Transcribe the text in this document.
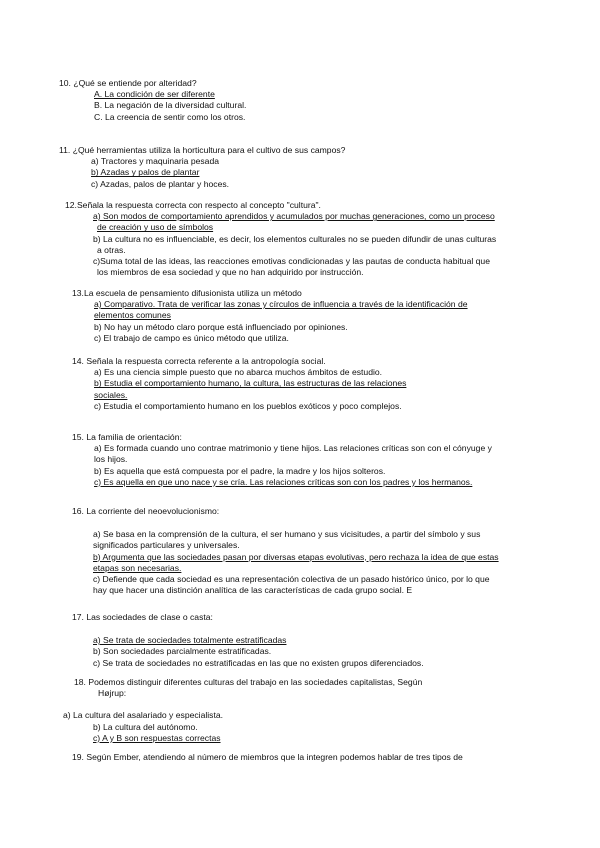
10. ¿Qué se entiende por alteridad?
A. La condición de ser diferente
B. La negación de la diversidad cultural.
C. La creencia de sentir como los otros.
11. ¿Qué herramientas utiliza la horticultura para el cultivo de sus campos?
a) Tractores y maquinaria pesada
b) Azadas y palos de plantar
c) Azadas, palos de plantar y hoces.
12.Señala la respuesta correcta con respecto al concepto "cultura".
a) Son modos de comportamiento aprendidos y acumulados por muchas generaciones, como un proceso
de creación y uso de símbolos
b) La cultura no es influenciable, es decir, los elementos culturales no se pueden difundir de unas culturas
a otras.
c)Suma total de las ideas, las reacciones emotivas condicionadas y las pautas de conducta habitual que
los miembros de esa sociedad y que no han adquirido por instrucción.
13.La escuela de pensamiento difusionista utiliza un método
a) Comparativo. Trata de verificar las zonas y círculos de influencia a través de la identificación de
elementos comunes
b) No hay un método claro porque está influenciado por opiniones.
c) El trabajo de campo es único método que utiliza.
14. Señala la respuesta correcta referente a la antropología social.
a) Es una ciencia simple puesto que no abarca muchos ámbitos de estudio.
b) Estudia el comportamiento humano, la cultura, las estructuras de las relaciones
sociales.
c) Estudia el comportamiento humano en los pueblos exóticos y poco complejos.
15. La familia de orientación:
a) Es formada cuando uno contrae matrimonio y tiene hijos. Las relaciones críticas son con el cónyuge y
los hijos.
b) Es aquella que está compuesta por el padre, la madre y los hijos solteros.
c) Es aquella en que uno nace y se cría. Las relaciones críticas son con los padres y los hermanos.
16. La corriente del neoevolucionismo:
a) Se basa en la comprensión de la cultura, el ser humano y sus vicisitudes, a partir del símbolo y sus
significados particulares y universales.
b) Argumenta que las sociedades pasan por diversas etapas evolutivas, pero rechaza la idea de que estas
etapas son necesarias.
c) Defiende que cada sociedad es una representación colectiva de un pasado histórico único, por lo que
hay que hacer una distinción analítica de las características de cada grupo social. E
17. Las sociedades de clase o casta:
a) Se trata de sociedades totalmente estratificadas
b) Son sociedades parcialmente estratificadas.
c) Se trata de sociedades no estratificadas en las que no existen grupos diferenciados.
18. Podemos distinguir diferentes culturas del trabajo en las sociedades capitalistas, Según
Højrup:
a) La cultura del asalariado y especialista.
b) La cultura del autónomo.
c) A y B son respuestas correctas
19. Según Ember, atendiendo al número de miembros que la integren podemos hablar de tres tipos de
